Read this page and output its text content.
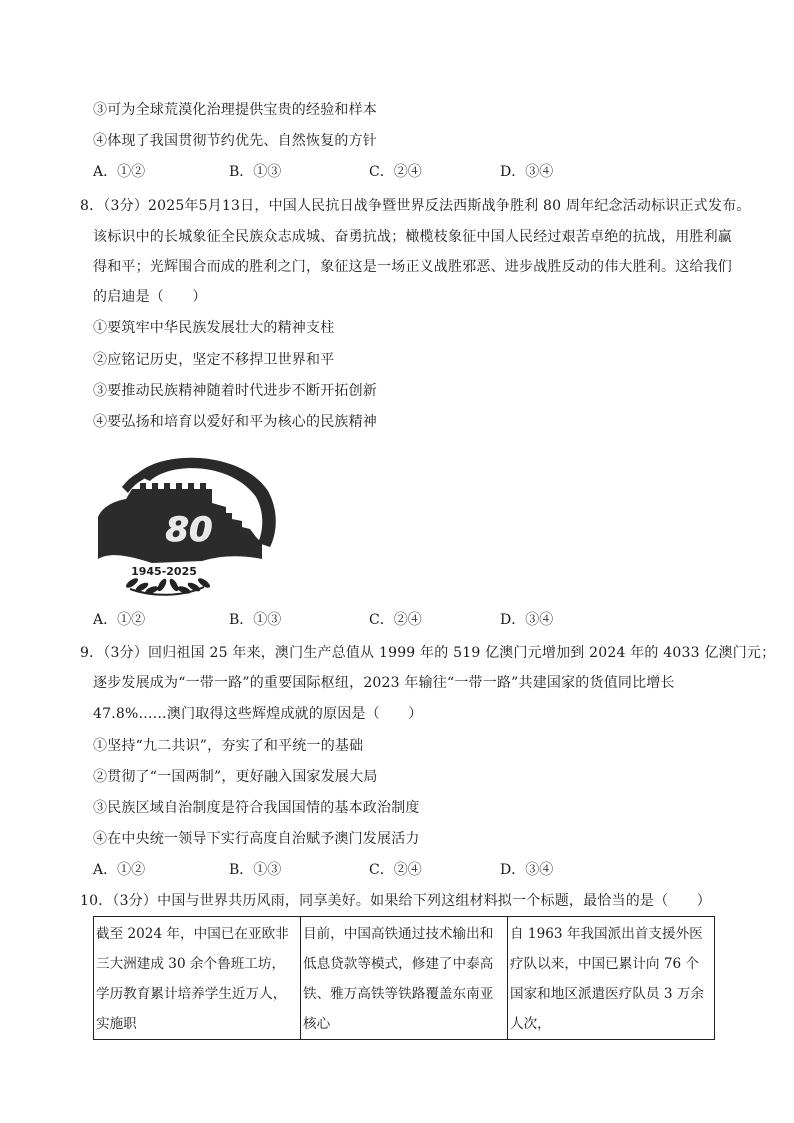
③可为全球荒漠化治理提供宝贵的经验和样本
④体现了我国贯彻节约优先、自然恢复的方针
A．①②	B．①③	C．②④	D．③④
8．（3分）2025年5月13日，中国人民抗日战争暨世界反法西斯战争胜利 80 周年纪念活动标识正式发布。
该标识中的长城象征全民族众志成城、奋勇抗战；橄榄枝象征中国人民经过艰苦卓绝的抗战，用胜利赢
得和平；光辉围合而成的胜利之门，象征这是一场正义战胜邪恶、进步战胜反动的伟大胜利。这给我们
的启迪是（　　）
①要筑牢中华民族发展壮大的精神支柱
②应铭记历史，坚定不移捍卫世界和平
③要推动民族精神随着时代进步不断开拓创新
④要弘扬和培育以爱好和平为核心的民族精神
80
1945-2025
A．①②	B．①③	C．②④	D．③④
9．（3分）回归祖国 25 年来，澳门生产总值从 1999 年的 519 亿澳门元增加到 2024 年的 4033 亿澳门元；
逐步发展成为“一带一路”的重要国际枢纽，2023 年输往“一带一路”共建国家的货值同比增长
47.8%……澳门取得这些辉煌成就的原因是（　　）
①坚持“九二共识”，夯实了和平统一的基础
②贯彻了“一国两制”，更好融入国家发展大局
③民族区域自治制度是符合我国国情的基本政治制度
④在中央统一领导下实行高度自治赋予澳门发展活力
A．①②	B．①③	C．②④	D．③④
10．（3分）中国与世界共历风雨，同享美好。如果给下列这组材料拟一个标题，最恰当的是（　　）
截至 2024 年，中国已在亚欧非三大洲建成 30 余个鲁班工坊，学历教育累计培养学生近万人，实施职	目前，中国高铁通过技术输出和低息贷款等模式，修建了中泰高铁、雅万高铁等铁路覆盖东南亚核心	自 1963 年我国派出首支援外医疗队以来，中国已累计向 76 个国家和地区派遣医疗队员 3 万余人次，
